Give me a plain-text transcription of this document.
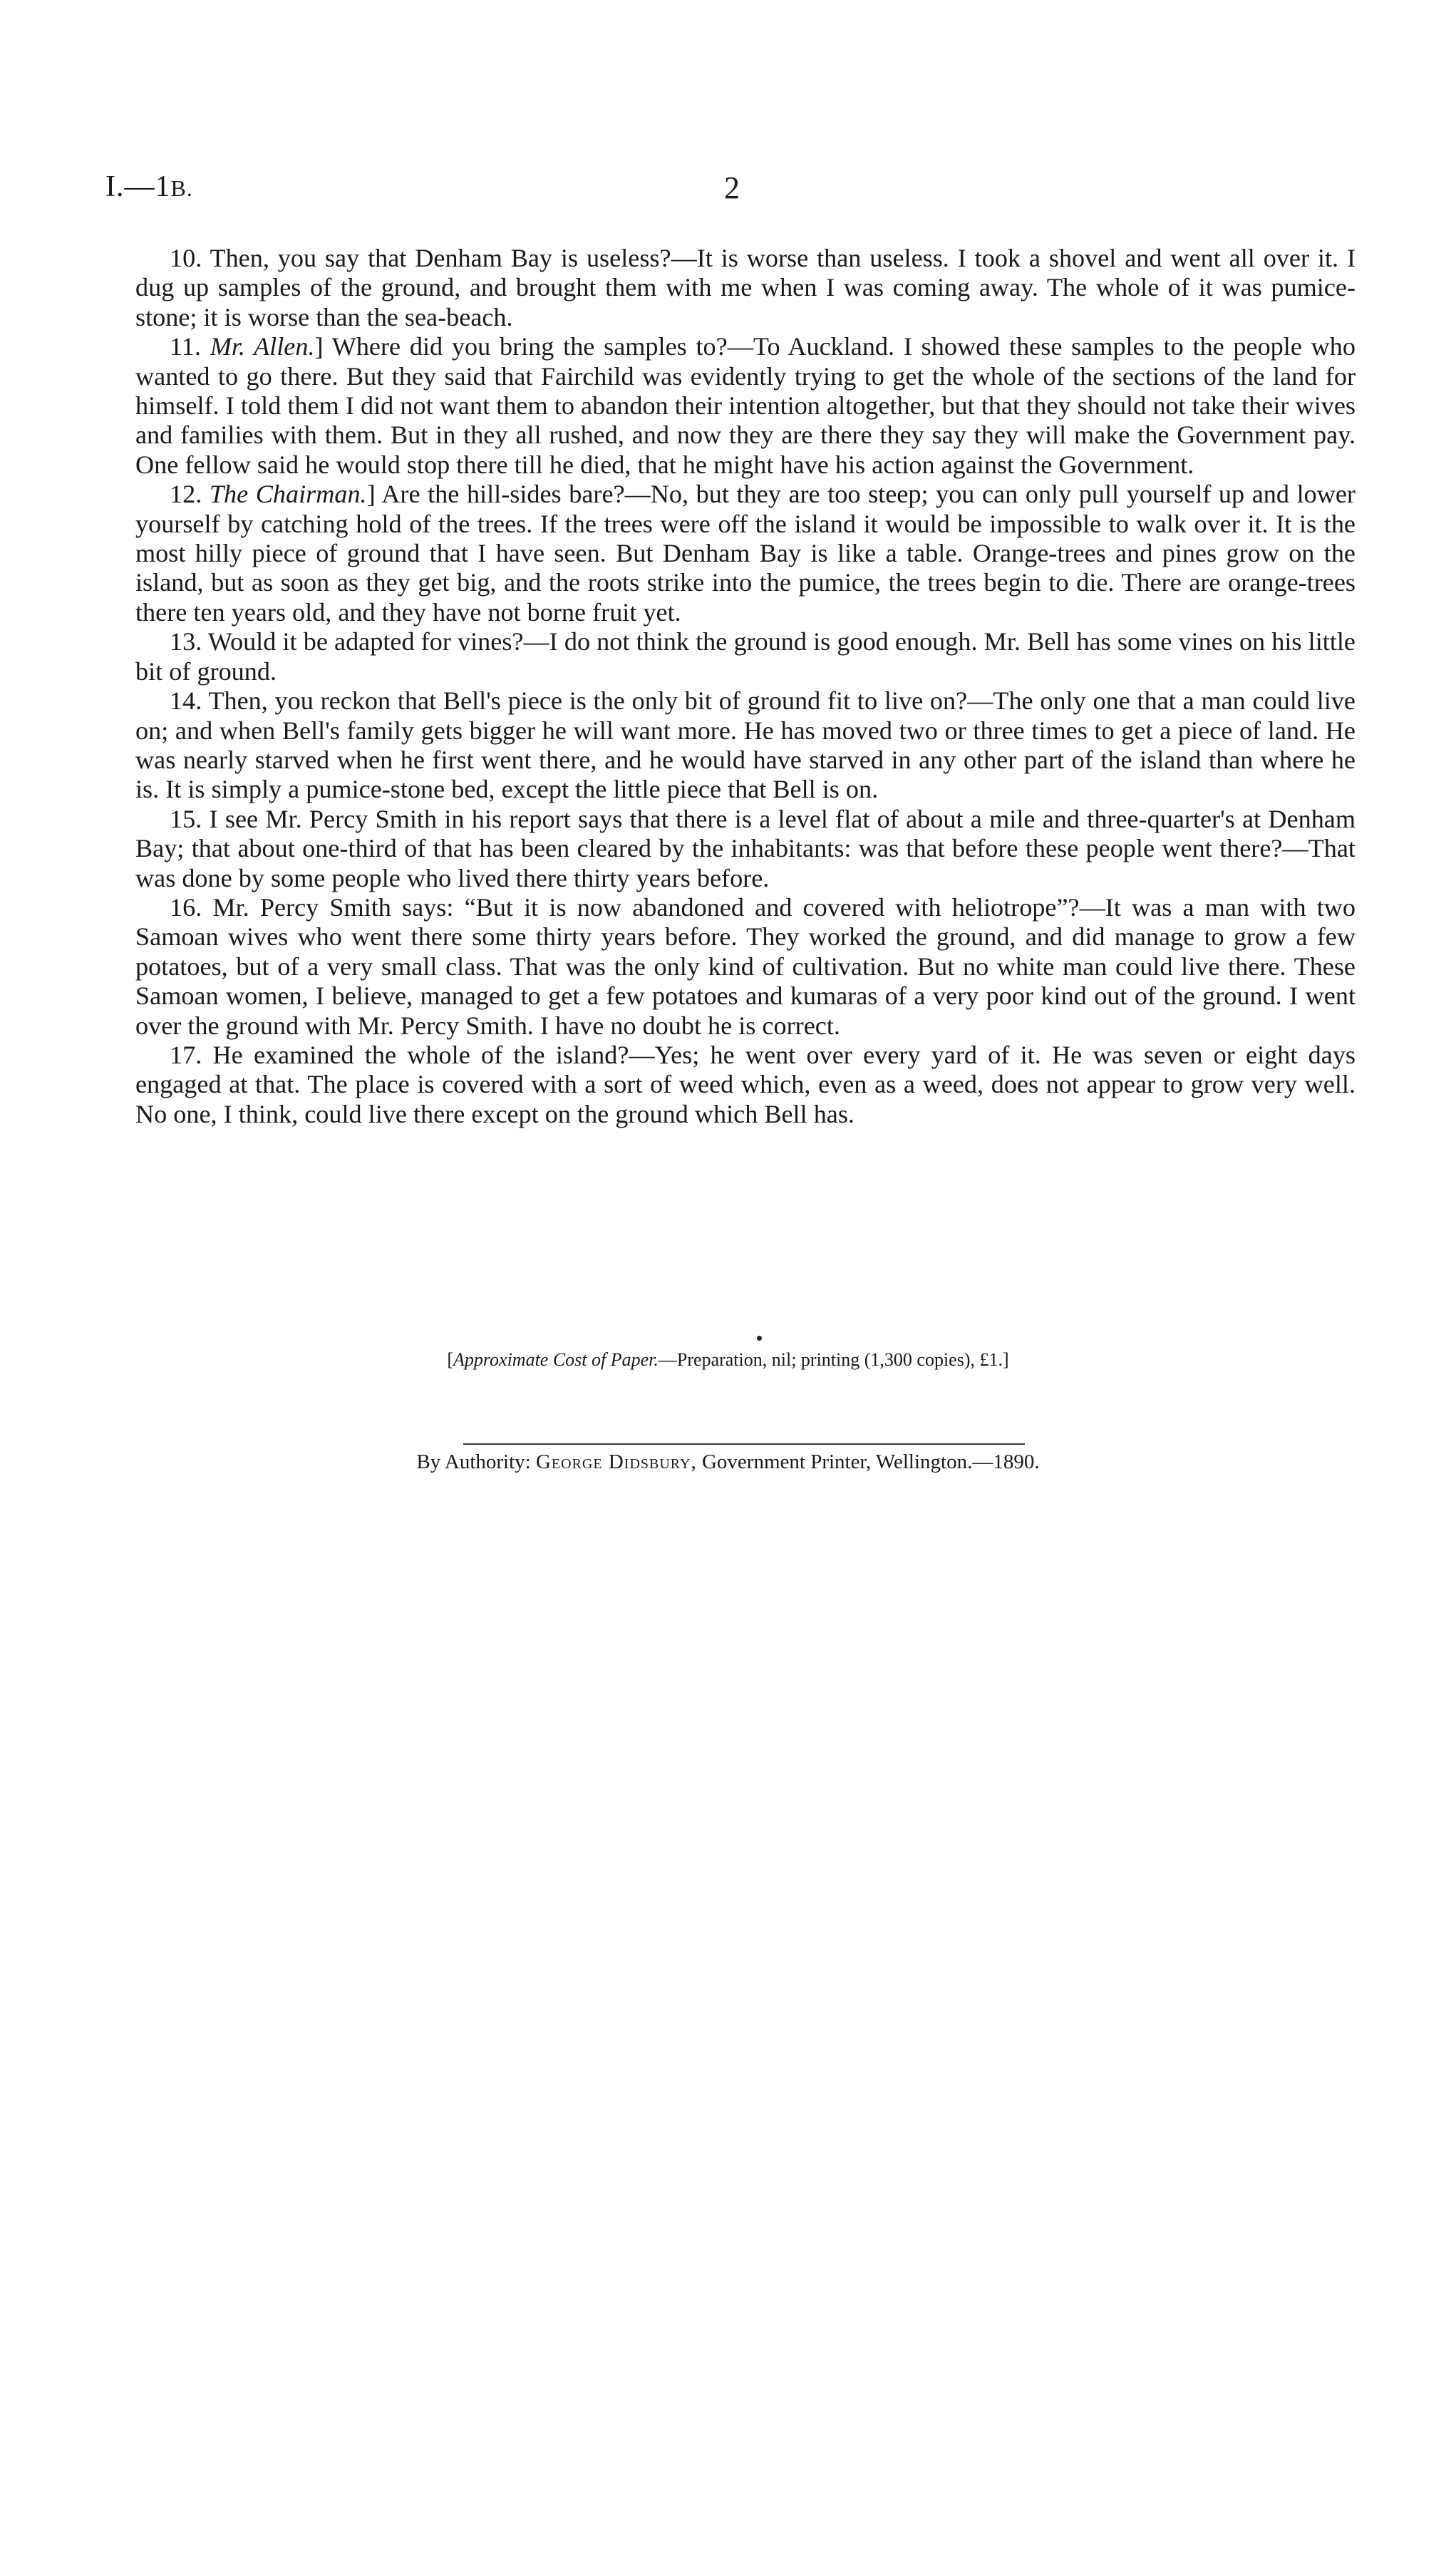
I.—1B.	2

10. Then, you say that Denham Bay is useless?—It is worse than useless. I took a shovel and went all over it. I dug up samples of the ground, and brought them with me when I was coming away. The whole of it was pumice-stone; it is worse than the sea-beach.

11. Mr. Allen.] Where did you bring the samples to?—To Auckland. I showed these samples to the people who wanted to go there. But they said that Fairchild was evidently trying to get the whole of the sections of the land for himself. I told them I did not want them to abandon their intention altogether, but that they should not take their wives and families with them. But in they all rushed, and now they are there they say they will make the Government pay. One fellow said he would stop there till he died, that he might have his action against the Government.

12. The Chairman.] Are the hill-sides bare?—No, but they are too steep; you can only pull yourself up and lower yourself by catching hold of the trees. If the trees were off the island it would be impossible to walk over it. It is the most hilly piece of ground that I have seen. But Denham Bay is like a table. Orange-trees and pines grow on the island, but as soon as they get big, and the roots strike into the pumice, the trees begin to die. There are orange-trees there ten years old, and they have not borne fruit yet.

13. Would it be adapted for vines?—I do not think the ground is good enough. Mr. Bell has some vines on his little bit of ground.

14. Then, you reckon that Bell's piece is the only bit of ground fit to live on?—The only one that a man could live on; and when Bell's family gets bigger he will want more. He has moved two or three times to get a piece of land. He was nearly starved when he first went there, and he would have starved in any other part of the island than where he is. It is simply a pumice-stone bed, except the little piece that Bell is on.

15. I see Mr. Percy Smith in his report says that there is a level flat of about a mile and three-quarter's at Denham Bay; that about one-third of that has been cleared by the inhabitants: was that before these people went there?—That was done by some people who lived there thirty years before.

16. Mr. Percy Smith says: “But it is now abandoned and covered with heliotrope”?—It was a man with two Samoan wives who went there some thirty years before. They worked the ground, and did manage to grow a few potatoes, but of a very small class. That was the only kind of cultivation. But no white man could live there. These Samoan women, I believe, managed to get a few potatoes and kumaras of a very poor kind out of the ground. I went over the ground with Mr. Percy Smith. I have no doubt he is correct.

17. He examined the whole of the island?—Yes; he went over every yard of it. He was seven or eight days engaged at that. The place is covered with a sort of weed which, even as a weed, does not appear to grow very well. No one, I think, could live there except on the ground which Bell has.

[Approximate Cost of Paper.—Preparation, nil; printing (1,300 copies), £1.]
By Authority: George Didsbury, Government Printer, Wellington.—1890.
